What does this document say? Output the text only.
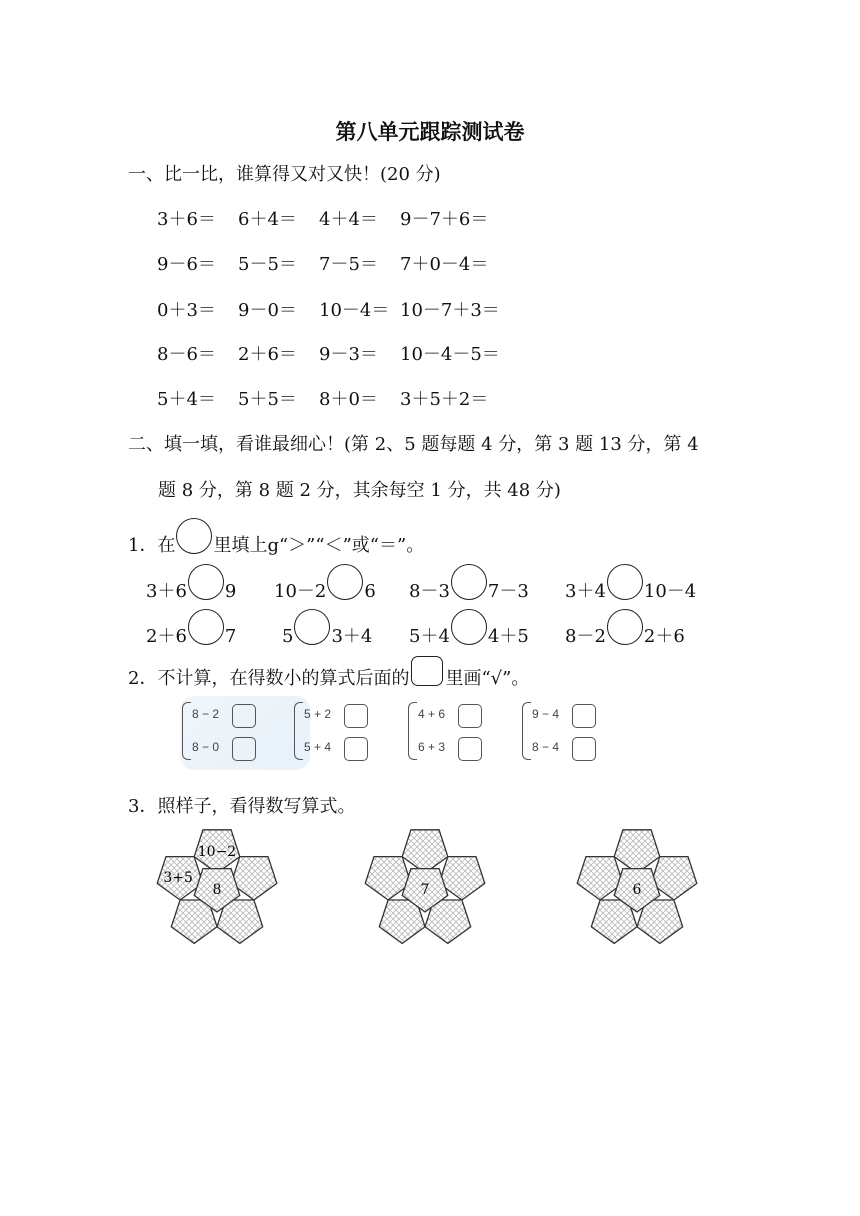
第八单元跟踪测试卷
一、比一比，谁算得又对又快！(20 分)
3＋6＝ 6＋4＝ 4＋4＝ 9－7＋6＝
9－6＝ 5－5＝ 7－5＝ 7＋0－4＝
0＋3＝ 9－0＝ 10－4＝ 10－7＋3＝
8－6＝ 2＋6＝ 9－3＝ 10－4－5＝
5＋4＝ 5＋5＝ 8＋0＝ 3＋5＋2＝
二、填一填，看谁最细心！(第 2、5 题每题 4 分，第 3 题 13 分，第 4
题 8 分，第 8 题 2 分，其余每空 1 分，共 48 分)
1．在 里填上g“＞”“＜”或“＝”。
3＋6 9 10－2 6 8－3 7－3 3＋4 10－4
2＋6 7	5 3＋4 5＋4 4＋5 8－2 2＋6
2．不计算，在得数小的算式后面的 里画“√”。
8 − 2
8 − 0
5 + 2
5 + 4
4 + 6
6 + 3
9 − 4
8 − 4
3．照样子，看得数写算式。
8
10−2
3+5
7	6
